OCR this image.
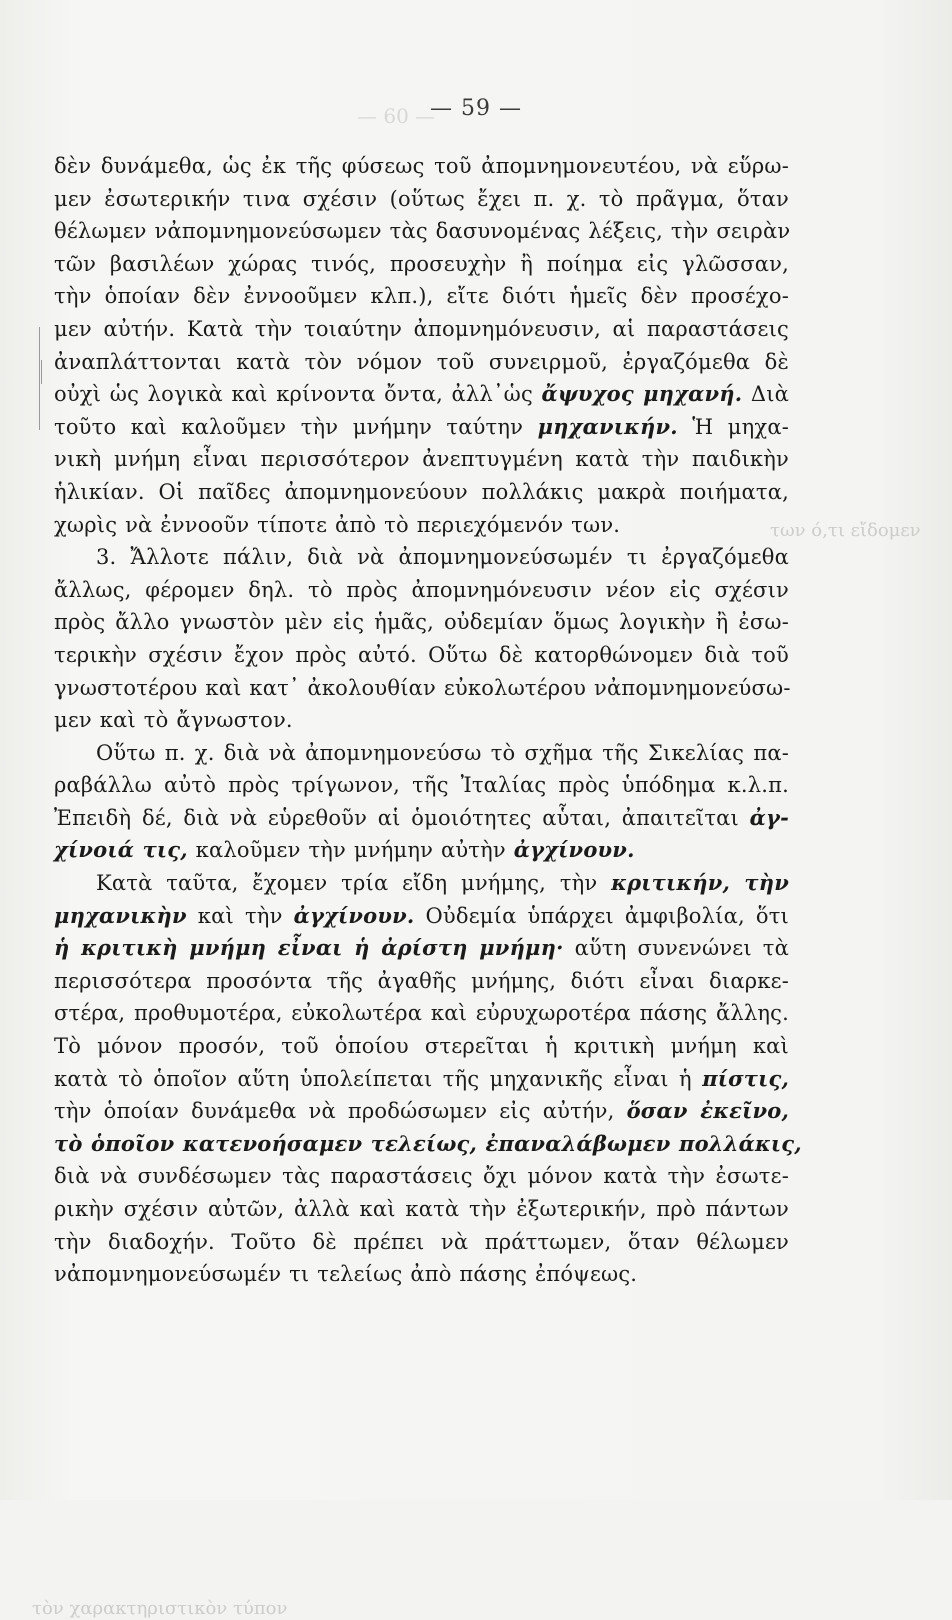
— 60 —
των ό,τι εἴδομεν
τὸν χαρακτηριστικὸν τύπον
— 59 —
δὲν δυνάμεθα, ὡς ἐκ τῆς φύσεως τοῦ ἀπομνημονευτέου, νὰ εὕρω-
μεν ἐσωτερικήν τινα σχέσιν (οὕτως ἔχει π. χ. τὸ πρᾶγμα, ὅταν
θέλωμεν νἀπομνημονεύσωμεν τὰς δασυνομένας λέξεις, τὴν σειρὰν
τῶν βασιλέων χώρας τινός, προσευχὴν ἢ ποίημα εἰς γλῶσσαν,
τὴν ὁποίαν δὲν ἐννοοῦμεν κλπ.), εἴτε διότι ἡμεῖς δὲν προσέχο-
μεν αὐτήν. Κατὰ τὴν τοιαύτην ἀπομνημόνευσιν, αἱ παραστάσεις
ἀναπλάττονται κατὰ τὸν νόμον τοῦ συνειρμοῦ, ἐργαζόμεθα δὲ
οὐχὶ ὡς λογικὰ καὶ κρίνοντα ὄντα, ἀλλ᾽ὡς ἄψυχος μηχανή. Διὰ
τοῦτο καὶ καλοῦμεν τὴν μνήμην ταύτην μηχανικήν. Ἡ μηχα-
νικὴ μνήμη εἶναι περισσότερον ἀνεπτυγμένη κατὰ τὴν παιδικὴν
ἡλικίαν. Οἱ παῖδες ἀπομνημονεύουν πολλάκις μακρὰ ποιήματα,
χωρὶς νὰ ἐννοοῦν τίποτε ἀπὸ τὸ περιεχόμενόν των.
3. Ἄλλοτε πάλιν, διὰ νὰ ἀπομνημονεύσωμέν τι ἐργαζόμεθα
ἄλλως, φέρομεν δηλ. τὸ πρὸς ἀπομνημόνευσιν νέον εἰς σχέσιν
πρὸς ἄλλο γνωστὸν μὲν εἰς ἡμᾶς, οὐδεμίαν ὅμως λογικὴν ἢ ἐσω-
τερικὴν σχέσιν ἔχον πρὸς αὐτό. Οὕτω δὲ κατορθώνομεν διὰ τοῦ
γνωστοτέρου καὶ κατ᾽ ἀκολουθίαν εὐκολωτέρου νἀπομνημονεύσω-
μεν καὶ τὸ ἄγνωστον.
Οὕτω π. χ. διὰ νὰ ἀπομνημονεύσω τὸ σχῆμα τῆς Σικελίας πα-
ραβάλλω αὐτὸ πρὸς τρίγωνον, τῆς Ἰταλίας πρὸς ὑπόδημα κ.λ.π.
Ἐπειδὴ δέ, διὰ νὰ εὑρεθοῦν αἱ ὁμοιότητες αὗται, ἀπαιτεῖται ἀγ-
χίνοιά τις, καλοῦμεν τὴν μνήμην αὐτὴν ἀγχίνουν.
Κατὰ ταῦτα, ἔχομεν τρία εἴδη μνήμης, τὴν κριτικήν, τὴν
μηχανικὴν καὶ τὴν ἀγχίνουν. Οὐδεμία ὑπάρχει ἀμφιβολία, ὅτι
ἡ κριτικὴ μνήμη εἶναι ἡ ἀρίστη μνήμη· αὕτη συνενώνει τὰ
περισσότερα προσόντα τῆς ἀγαθῆς μνήμης, διότι εἶναι διαρκε-
στέρα, προθυμοτέρα, εὐκολωτέρα καὶ εὐρυχωροτέρα πάσης ἄλλης.
Τὸ μόνον προσόν, τοῦ ὁποίου στερεῖται ἡ κριτικὴ μνήμη καὶ
κατὰ τὸ ὁποῖον αὕτη ὑπολείπεται τῆς μηχανικῆς εἶναι ἡ πίστις,
τὴν ὁποίαν δυνάμεθα νὰ προδώσωμεν εἰς αὐτήν, ὅσαν ἐκεῖνο,
τὸ ὁποῖον κατενοήσαμεν τελείως, ἐπαναλάβωμεν πολλάκις,
διὰ νὰ συνδέσωμεν τὰς παραστάσεις ὄχι μόνον κατὰ τὴν ἐσωτε-
ρικὴν σχέσιν αὐτῶν, ἀλλὰ καὶ κατὰ τὴν ἐξωτερικήν, πρὸ πάντων
τὴν διαδοχήν. Τοῦτο δὲ πρέπει νὰ πράττωμεν, ὅταν θέλωμεν
νἀπομνημονεύσωμέν τι τελείως ἀπὸ πάσης ἐπόψεως.
